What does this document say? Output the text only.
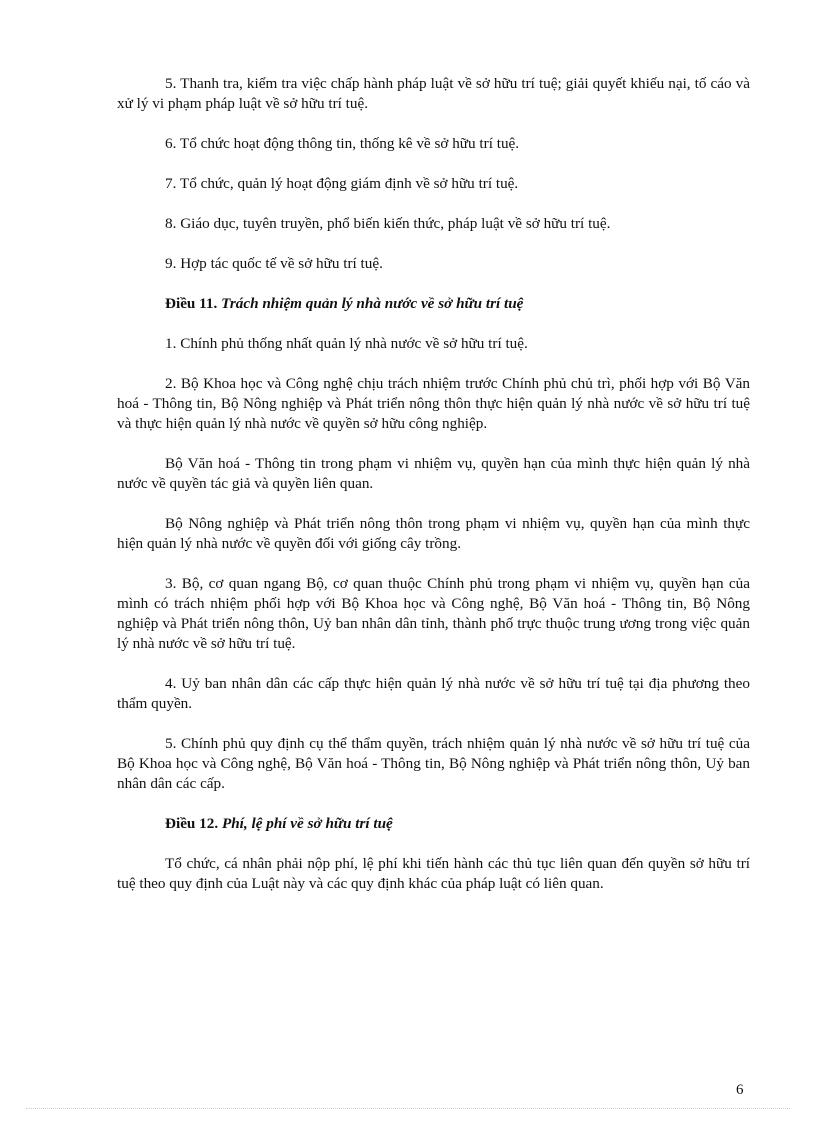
5. Thanh tra, kiểm tra việc chấp hành pháp luật về sở hữu trí tuệ; giải quyết khiếu nại, tố cáo và xử lý vi phạm pháp luật về sở hữu trí tuệ.

6. Tổ chức hoạt động thông tin, thống kê về sở hữu trí tuệ.

7. Tổ chức, quản lý hoạt động giám định về sở hữu trí tuệ.

8. Giáo dục, tuyên truyền, phổ biến kiến thức, pháp luật về sở hữu trí tuệ.

9. Hợp tác quốc tế về sở hữu trí tuệ.

Điều 11. Trách nhiệm quản lý nhà nước về sở hữu trí tuệ

1. Chính phủ thống nhất quản lý nhà nước về sở hữu trí tuệ.

2. Bộ Khoa học và Công nghệ chịu trách nhiệm trước Chính phủ chủ trì, phối hợp với Bộ Văn hoá - Thông tin, Bộ Nông nghiệp và Phát triển nông thôn thực hiện quản lý nhà nước về sở hữu trí tuệ và thực hiện quản lý nhà nước về quyền sở hữu công nghiệp.

Bộ Văn hoá - Thông tin trong phạm vi nhiệm vụ, quyền hạn của mình thực hiện quản lý nhà nước về quyền tác giả và quyền liên quan.

Bộ Nông nghiệp và Phát triển nông thôn trong phạm vi nhiệm vụ, quyền hạn của mình thực hiện quản lý nhà nước về quyền đối với giống cây trồng.

3. Bộ, cơ quan ngang Bộ, cơ quan thuộc Chính phủ trong phạm vi nhiệm vụ, quyền hạn của mình có trách nhiệm phối hợp với Bộ Khoa học và Công nghệ, Bộ Văn hoá - Thông tin, Bộ Nông nghiệp và Phát triển nông thôn, Uỷ ban nhân dân tỉnh, thành phố trực thuộc trung ương trong việc quản lý nhà nước về sở hữu trí tuệ.

4. Uỷ ban nhân dân các cấp thực hiện quản lý nhà nước về sở hữu trí tuệ tại địa phương theo thẩm quyền.

5. Chính phủ quy định cụ thể thẩm quyền, trách nhiệm quản lý nhà nước về sở hữu trí tuệ của Bộ Khoa học và Công nghệ, Bộ Văn hoá - Thông tin, Bộ Nông nghiệp và Phát triển nông thôn, Uỷ ban nhân dân các cấp.

Điều 12. Phí, lệ phí về sở hữu trí tuệ

Tổ chức, cá nhân phải nộp phí, lệ phí khi tiến hành các thủ tục liên quan đến quyền sở hữu trí tuệ theo quy định của Luật này và các quy định khác của pháp luật có liên quan.

6
